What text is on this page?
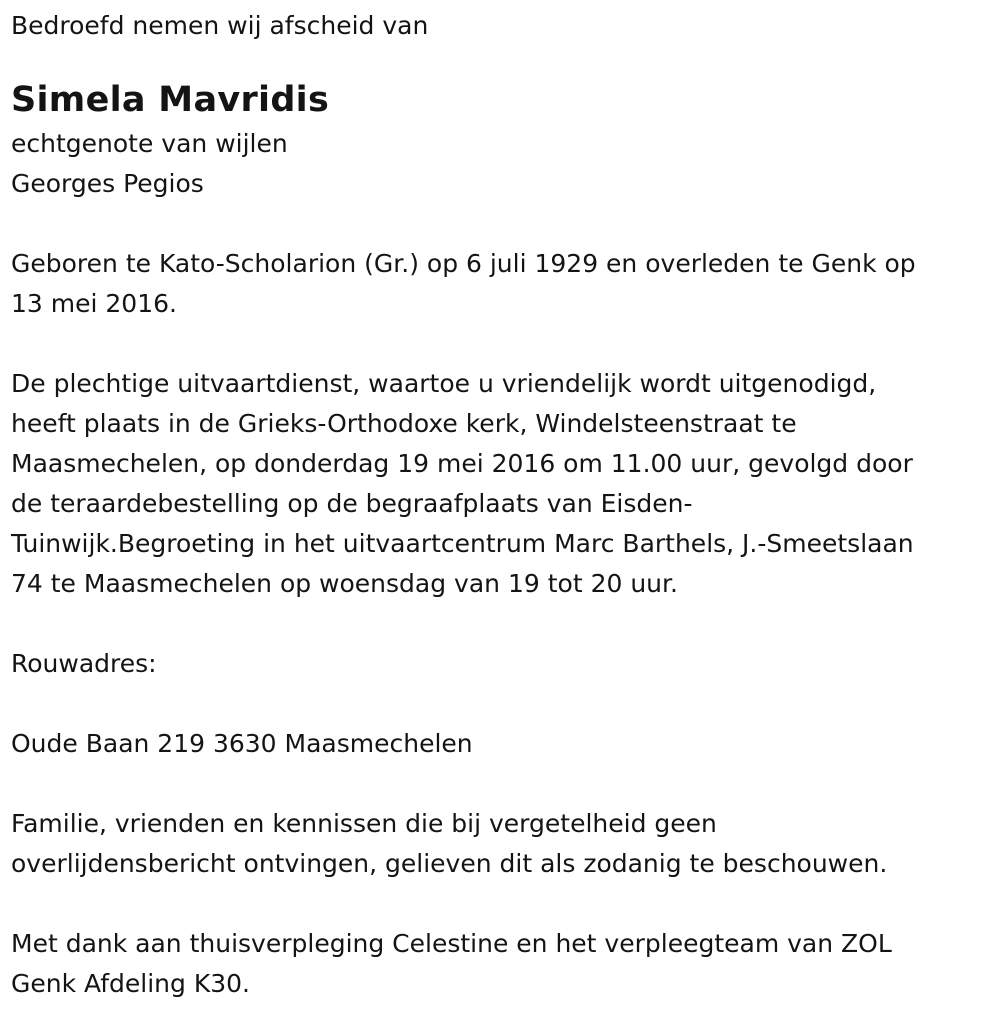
Bedroefd nemen wij afscheid van

Simela Mavridis

echtgenote van wijlen

Georges Pegios

Geboren te Kato-Scholarion (Gr.) op 6 juli 1929 en overleden te Genk op

13 mei 2016.

De plechtige uitvaartdienst, waartoe u vriendelijk wordt uitgenodigd,

heeft plaats in de Grieks-Orthodoxe kerk, Windelsteenstraat te

Maasmechelen, op donderdag 19 mei 2016 om 11.00 uur, gevolgd door

de teraardebestelling op de begraafplaats van Eisden-

Tuinwijk.Begroeting in het uitvaartcentrum Marc Barthels, J.-Smeetslaan

74 te Maasmechelen op woensdag van 19 tot 20 uur.

Rouwadres:

Oude Baan 219 3630 Maasmechelen

Familie, vrienden en kennissen die bij vergetelheid geen

overlijdensbericht ontvingen, gelieven dit als zodanig te beschouwen.

Met dank aan thuisverpleging Celestine en het verpleegteam van ZOL

Genk Afdeling K30.
